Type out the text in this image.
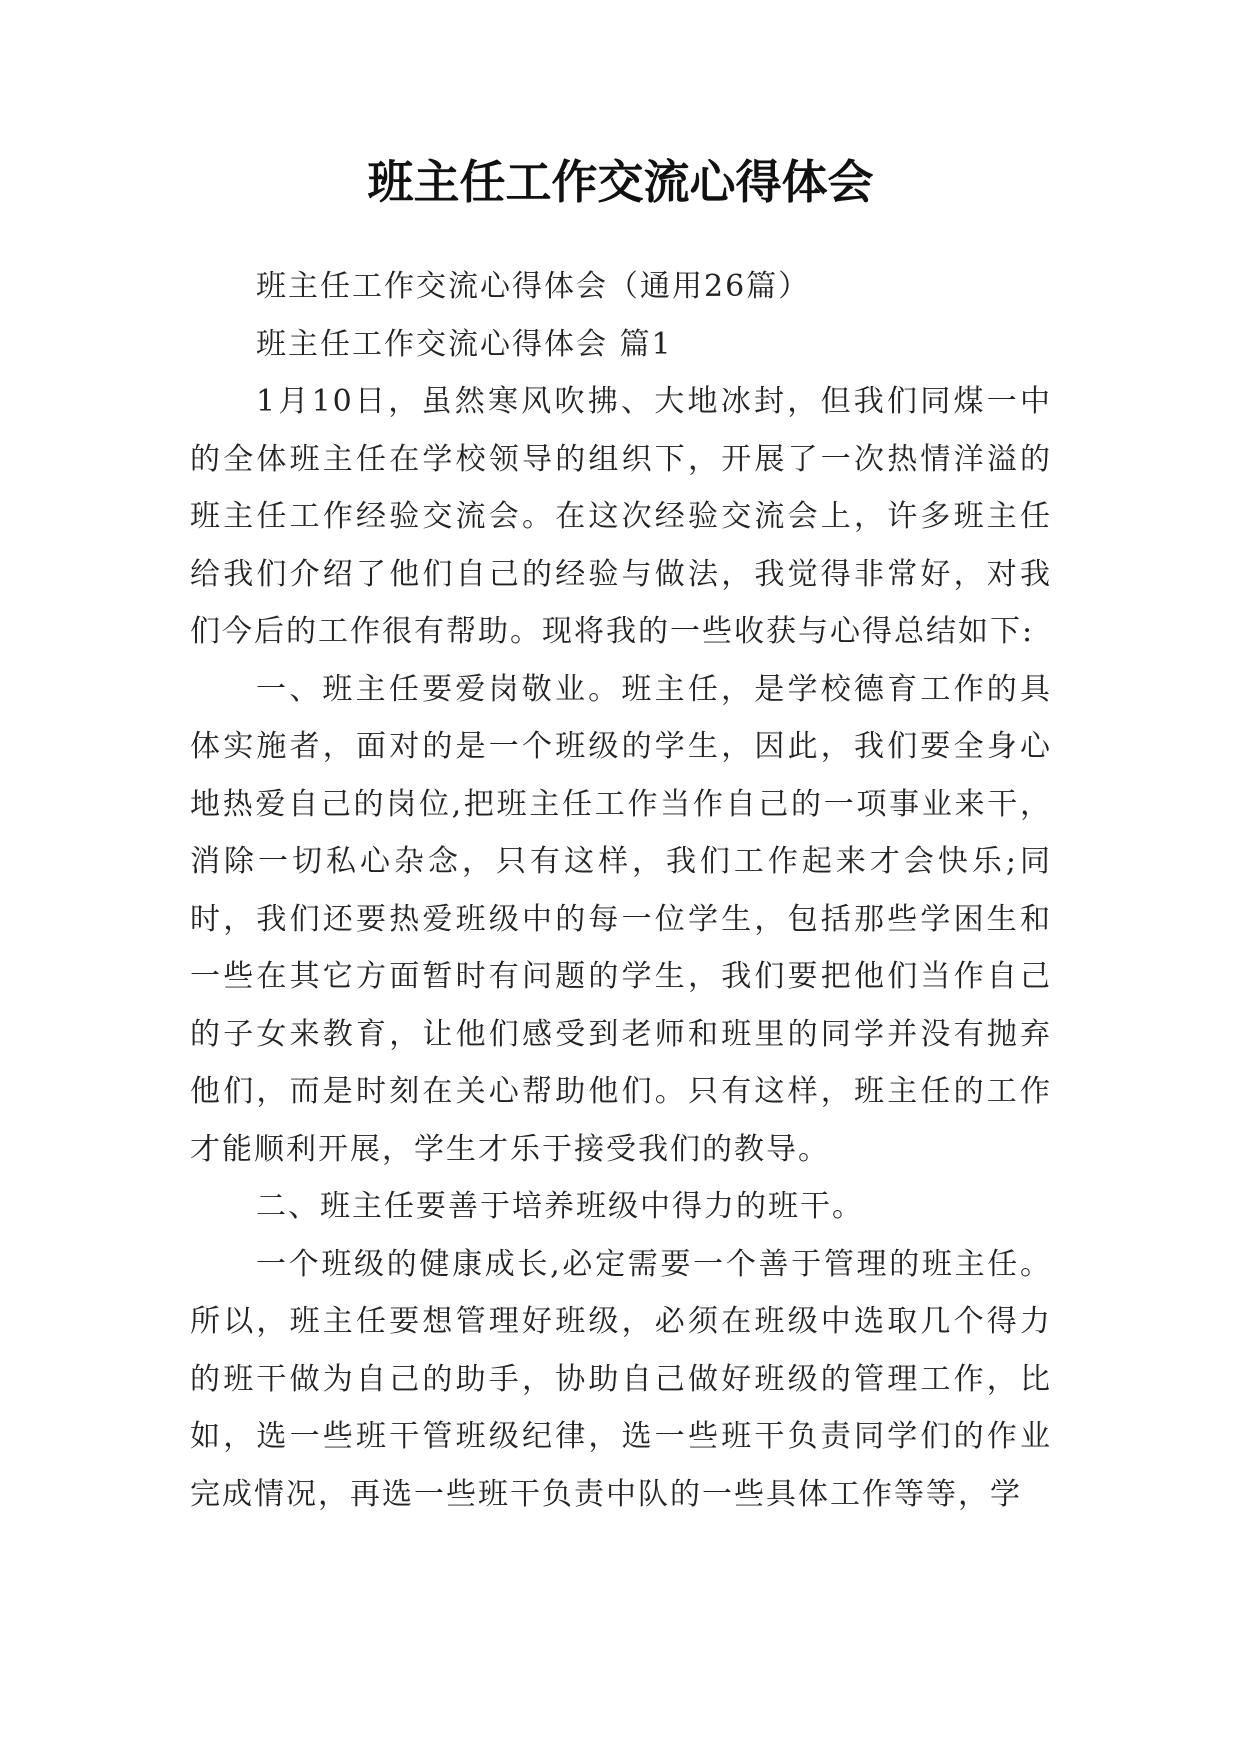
班主任工作交流心得体会

班主任工作交流心得体会（通用26篇）

班主任工作交流心得体会 篇1

1月10日，虽然寒风吹拂、大地冰封，但我们同煤一中的全体班主任在学校领导的组织下，开展了一次热情洋溢的班主任工作经验交流会。在这次经验交流会上，许多班主任给我们介绍了他们自己的经验与做法，我觉得非常好，对我们今后的工作很有帮助。现将我的一些收获与心得总结如下:

一、班主任要爱岗敬业。班主任，是学校德育工作的具体实施者，面对的是一个班级的学生，因此，我们要全身心地热爱自己的岗位,把班主任工作当作自己的一项事业来干，消除一切私心杂念，只有这样，我们工作起来才会快乐;同时，我们还要热爱班级中的每一位学生，包括那些学困生和一些在其它方面暂时有问题的学生，我们要把他们当作自己的子女来教育，让他们感受到老师和班里的同学并没有抛弃他们，而是时刻在关心帮助他们。只有这样，班主任的工作才能顺利开展，学生才乐于接受我们的教导。

二、班主任要善于培养班级中得力的班干。

一个班级的健康成长,必定需要一个善于管理的班主任。所以，班主任要想管理好班级，必须在班级中选取几个得力的班干做为自己的助手，协助自己做好班级的管理工作，比如，选一些班干管班级纪律，选一些班干负责同学们的作业完成情况，再选一些班干负责中队的一些具体工作等等，学
